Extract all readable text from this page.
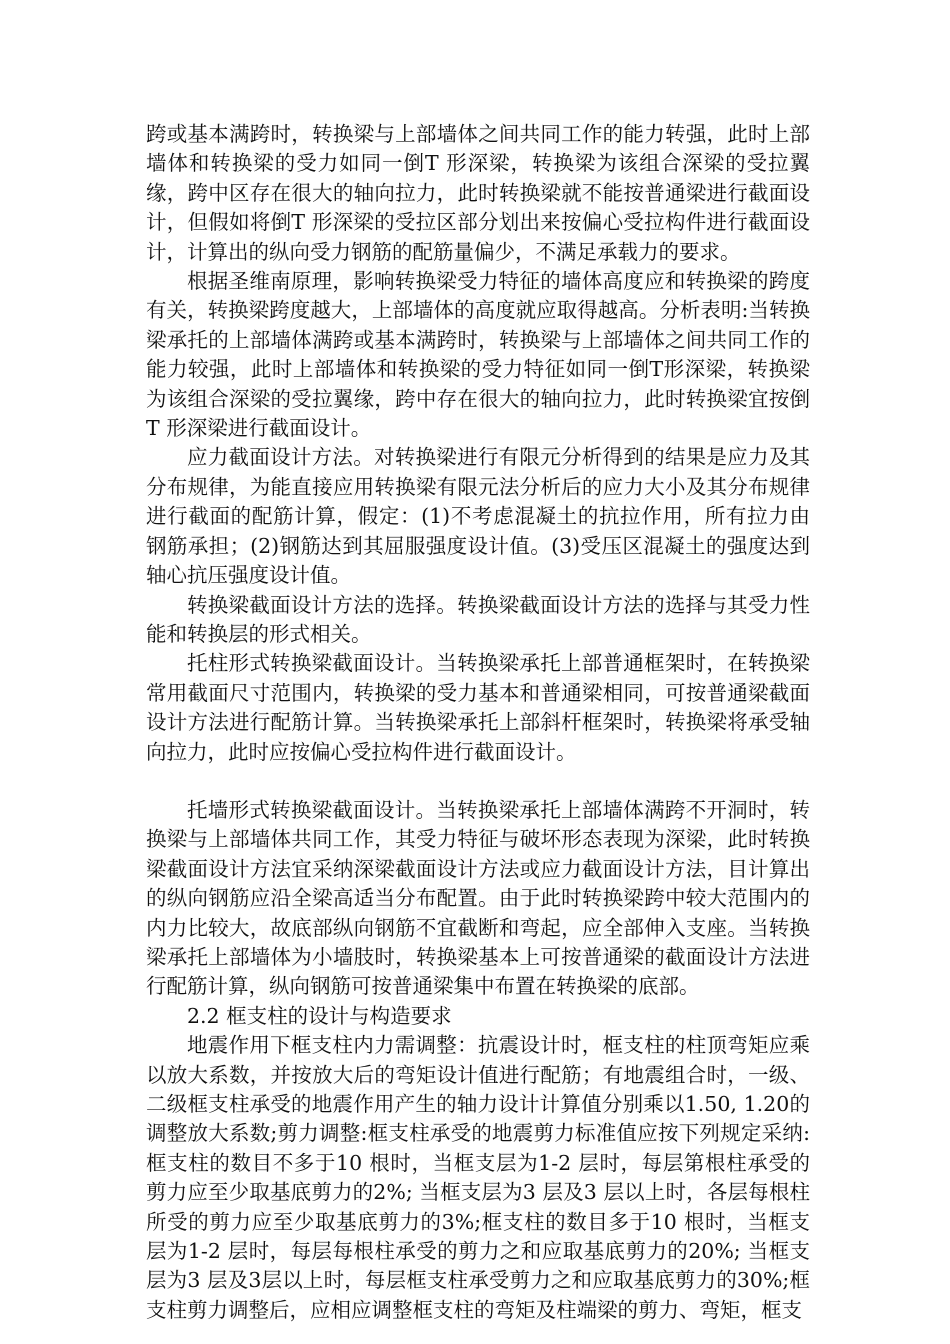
跨或基本满跨时，转换梁与上部墙体之间共同工作的能力转强，此时上部墙体和转换梁的受力如同一倒T 形深梁，转换梁为该组合深梁的受拉翼缘，跨中区存在很大的轴向拉力，此时转换梁就不能按普通梁进行截面设计，但假如将倒T 形深梁的受拉区部分划出来按偏心受拉构件进行截面设计，计算出的纵向受力钢筋的配筋量偏少，不满足承载力的要求。

根据圣维南原理，影响转换梁受力特征的墙体高度应和转换梁的跨度有关，转换梁跨度越大，上部墙体的高度就应取得越高。分析表明:当转换梁承托的上部墙体满跨或基本满跨时，转换梁与上部墙体之间共同工作的能力较强，此时上部墙体和转换梁的受力特征如同一倒T形深梁，转换梁为该组合深梁的受拉翼缘，跨中存在很大的轴向拉力，此时转换梁宜按倒T 形深梁进行截面设计。

应力截面设计方法。对转换梁进行有限元分析得到的结果是应力及其分布规律，为能直接应用转换梁有限元法分析后的应力大小及其分布规律进行截面的配筋计算，假定：(1)不考虑混凝土的抗拉作用，所有拉力由钢筋承担；(2)钢筋达到其屈服强度设计值。(3)受压区混凝土的强度达到轴心抗压强度设计值。

转换梁截面设计方法的选择。转换梁截面设计方法的选择与其受力性能和转换层的形式相关。

托柱形式转换梁截面设计。当转换梁承托上部普通框架时，在转换梁常用截面尺寸范围内，转换梁的受力基本和普通梁相同，可按普通梁截面设计方法进行配筋计算。当转换梁承托上部斜杆框架时，转换梁将承受轴向拉力，此时应按偏心受拉构件进行截面设计。

托墙形式转换梁截面设计。当转换梁承托上部墙体满跨不开洞时，转换梁与上部墙体共同工作，其受力特征与破坏形态表现为深梁，此时转换梁截面设计方法宜采纳深梁截面设计方法或应力截面设计方法，目计算出的纵向钢筋应沿全梁高适当分布配置。由于此时转换梁跨中较大范围内的内力比较大，故底部纵向钢筋不宜截断和弯起，应全部伸入支座。当转换梁承托上部墙体为小墙肢时，转换梁基本上可按普通梁的截面设计方法进行配筋计算，纵向钢筋可按普通梁集中布置在转换梁的底部。

2.2 框支柱的设计与构造要求

地震作用下框支柱内力需调整：抗震设计时，框支柱的柱顶弯矩应乘以放大系数，并按放大后的弯矩设计值进行配筋；有地震组合时，一级、二级框支柱承受的地震作用产生的轴力设计计算值分别乘以1.50, 1.20的调整放大系数;剪力调整:框支柱承受的地震剪力标准值应按下列规定采纳:框支柱的数目不多于10 根时，当框支层为1-2 层时，每层第根柱承受的剪力应至少取基底剪力的2%; 当框支层为3 层及3 层以上时，各层每根柱所受的剪力应至少取基底剪力的3%;框支柱的数目多于10 根时，当框支层为1-2 层时，每层每根柱承受的剪力之和应取基底剪力的20%; 当框支层为3 层及3层以上时，每层框支柱承受剪力之和应取基底剪力的30%;框支柱剪力调整后，应相应调整框支柱的弯矩及柱端梁的剪力、弯矩，框支
